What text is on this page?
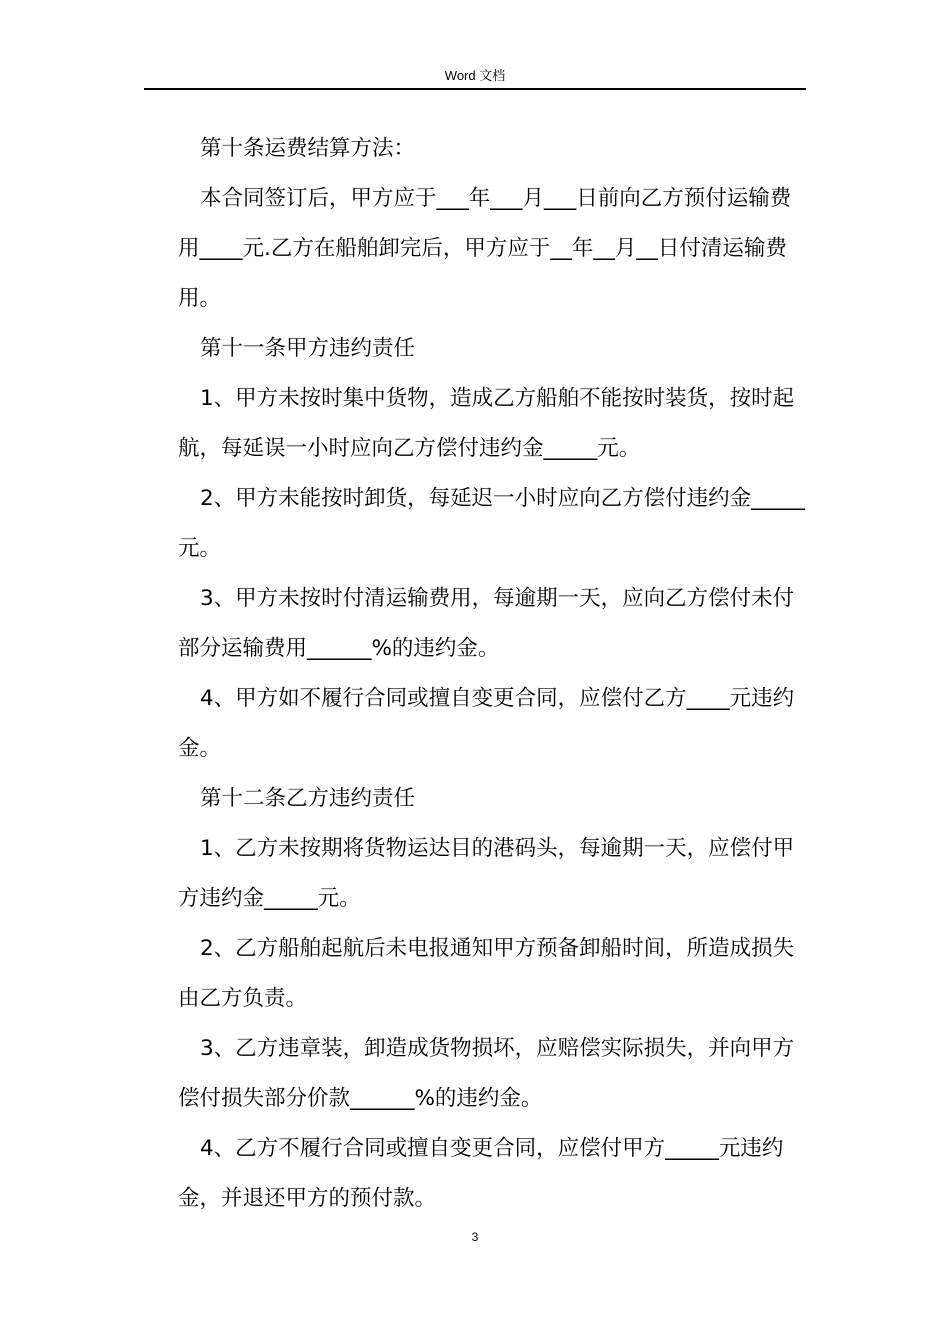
Word 文档

第十条运费结算方法：

本合同签订后，甲方应于___年___月___日前向乙方预付运输费用____元.乙方在船舶卸完后，甲方应于__年__月__日付清运输费用。

第十一条甲方违约责任

1、甲方未按时集中货物，造成乙方船舶不能按时装货，按时起航，每延误一小时应向乙方偿付违约金_____元。

2、甲方未能按时卸货，每延迟一小时应向乙方偿付违约金_____元。

3、甲方未按时付清运输费用，每逾期一天，应向乙方偿付未付部分运输费用______%的违约金。

4、甲方如不履行合同或擅自变更合同，应偿付乙方____元违约金。

第十二条乙方违约责任

1、乙方未按期将货物运达目的港码头，每逾期一天，应偿付甲方违约金_____元。

2、乙方船舶起航后未电报通知甲方预备卸船时间，所造成损失由乙方负责。

3、乙方违章装，卸造成货物损坏，应赔偿实际损失，并向甲方偿付损失部分价款______%的违约金。

4、乙方不履行合同或擅自变更合同，应偿付甲方_____元违约金，并退还甲方的预付款。

3
